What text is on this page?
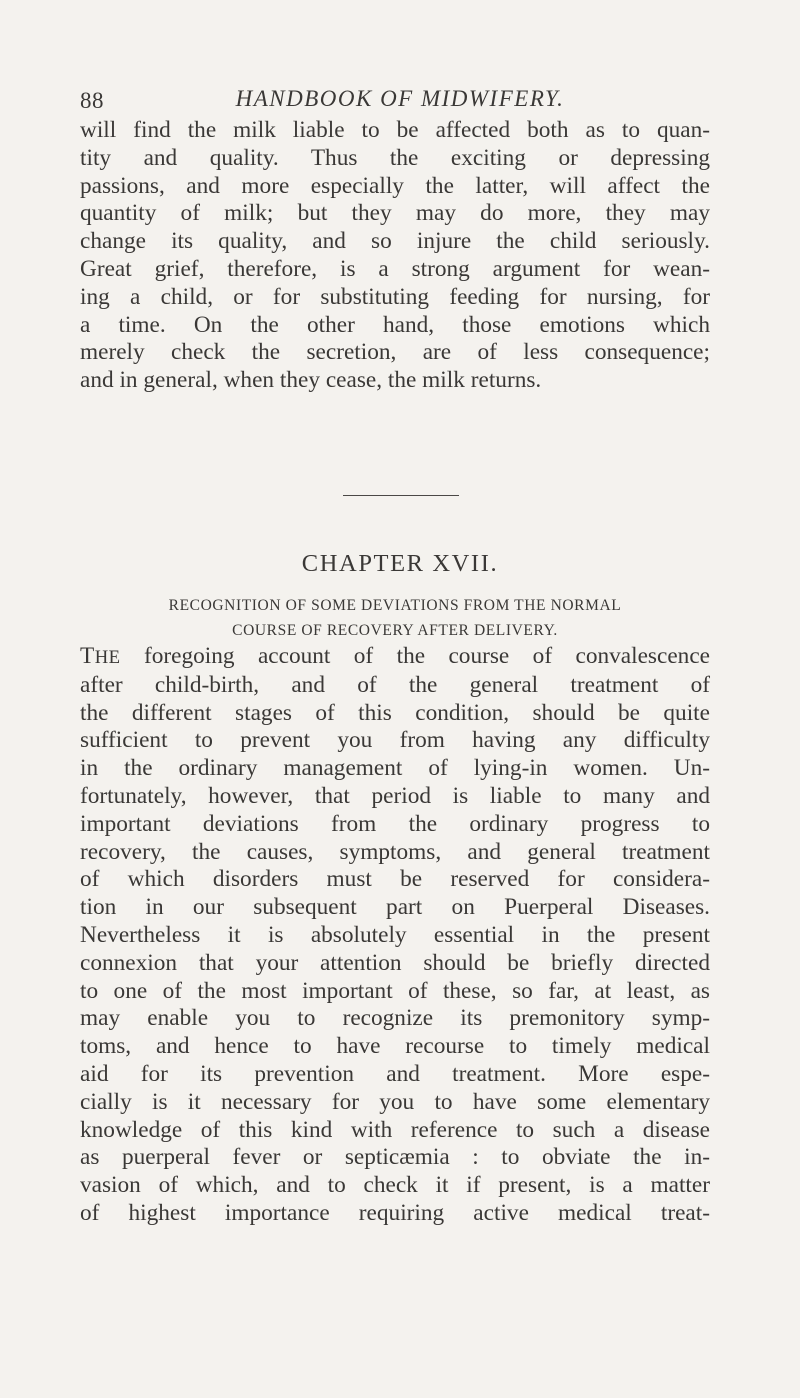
88	HANDBOOK OF MIDWIFERY.
will find the milk liable to be affected both as to quan-
tity and quality. Thus the exciting or depressing
passions, and more especially the latter, will affect the
quantity of milk; but they may do more, they may
change its quality, and so injure the child seriously.
Great grief, therefore, is a strong argument for wean-
ing a child, or for substituting feeding for nursing, for
a time. On the other hand, those emotions which
merely check the secretion, are of less consequence;
and in general, when they cease, the milk returns.
CHAPTER XVII.
RECOGNITION OF SOME DEVIATIONS FROM THE NORMAL
COURSE OF RECOVERY AFTER DELIVERY.
THE foregoing account of the course of convalescence
after child-birth, and of the general treatment of
the different stages of this condition, should be quite
sufficient to prevent you from having any difficulty
in the ordinary management of lying-in women. Un-
fortunately, however, that period is liable to many and
important deviations from the ordinary progress to
recovery, the causes, symptoms, and general treatment
of which disorders must be reserved for considera-
tion in our subsequent part on Puerperal Diseases.
Nevertheless it is absolutely essential in the present
connexion that your attention should be briefly directed
to one of the most important of these, so far, at least, as
may enable you to recognize its premonitory symp-
toms, and hence to have recourse to timely medical
aid for its prevention and treatment. More espe-
cially is it necessary for you to have some elementary
knowledge of this kind with reference to such a disease
as puerperal fever or septicæmia : to obviate the in-
vasion of which, and to check it if present, is a matter
of highest importance requiring active medical treat-
